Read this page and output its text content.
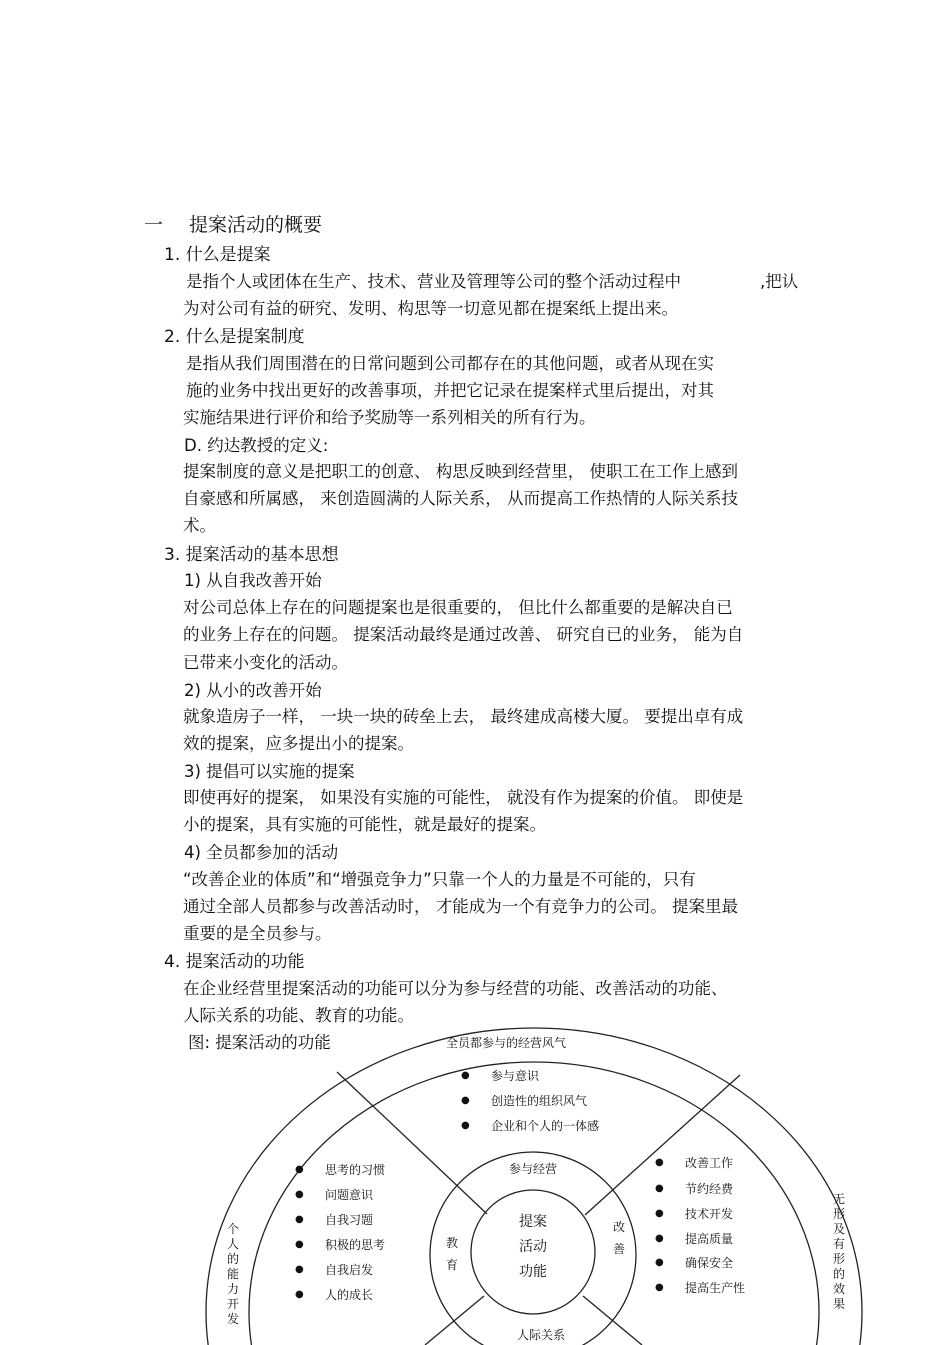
一 提案活动的概要
1. 什么是提案
是指个人或团体在生产、技术、营业及管理等公司的整个活动过程中	,把认
为对公司有益的研究、发明、构思等一切意见都在提案纸上提出来。
2. 什么是提案制度
是指从我们周围潜在的日常问题到公司都存在的其他问题，或者从现在实
施的业务中找出更好的改善事项，并把它记录在提案样式里后提出，对其
实施结果进行评价和给予奖励等一系列相关的所有行为。
D. 约达教授的定义:
提案制度的意义是把职工的创意、 构思反映到经营里， 使职工在工作上感到
自豪感和所属感， 来创造圆满的人际关系， 从而提高工作热情的人际关系技
术。
3. 提案活动的基本思想
1) 从自我改善开始
对公司总体上存在的问题提案也是很重要的， 但比什么都重要的是解决自已
的业务上存在的问题。 提案活动最终是通过改善、 研究自已的业务， 能为自
已带来小变化的活动。
2) 从小的改善开始
就象造房子一样， 一块一块的砖垒上去， 最终建成高楼大厦。 要提出卓有成
效的提案，应多提出小的提案。
3) 提倡可以实施的提案
即使再好的提案， 如果没有实施的可能性， 就没有作为提案的价值。 即使是
小的提案，具有实施的可能性，就是最好的提案。
4) 全员都参加的活动
“改善企业的体质”和“增强竞争力”只靠一个人的力量是不可能的，只有
通过全部人员都参与改善活动时， 才能成为一个有竞争力的公司。 提案里最
重要的是全员参与。
4. 提案活动的功能
在企业经营里提案活动的功能可以分为参与经营的功能、改善活动的功能、
人际关系的功能、教育的功能。
图: 提案活动的功能	全员都参与的经营风气
个人的能力开发
无形及有形的效果
● 参与意识
● 创造性的组织风气
● 企业和个人的一体感
● 思考的习惯
● 问题意识
● 自我习题
● 积极的思考
● 自我启发
● 人的成长
● 改善工作
● 节约经费
● 技术开发
● 提高质量
● 确保安全
● 提高生产性
参与经营
教
育
改
善
人际关系
提案
活动
功能
